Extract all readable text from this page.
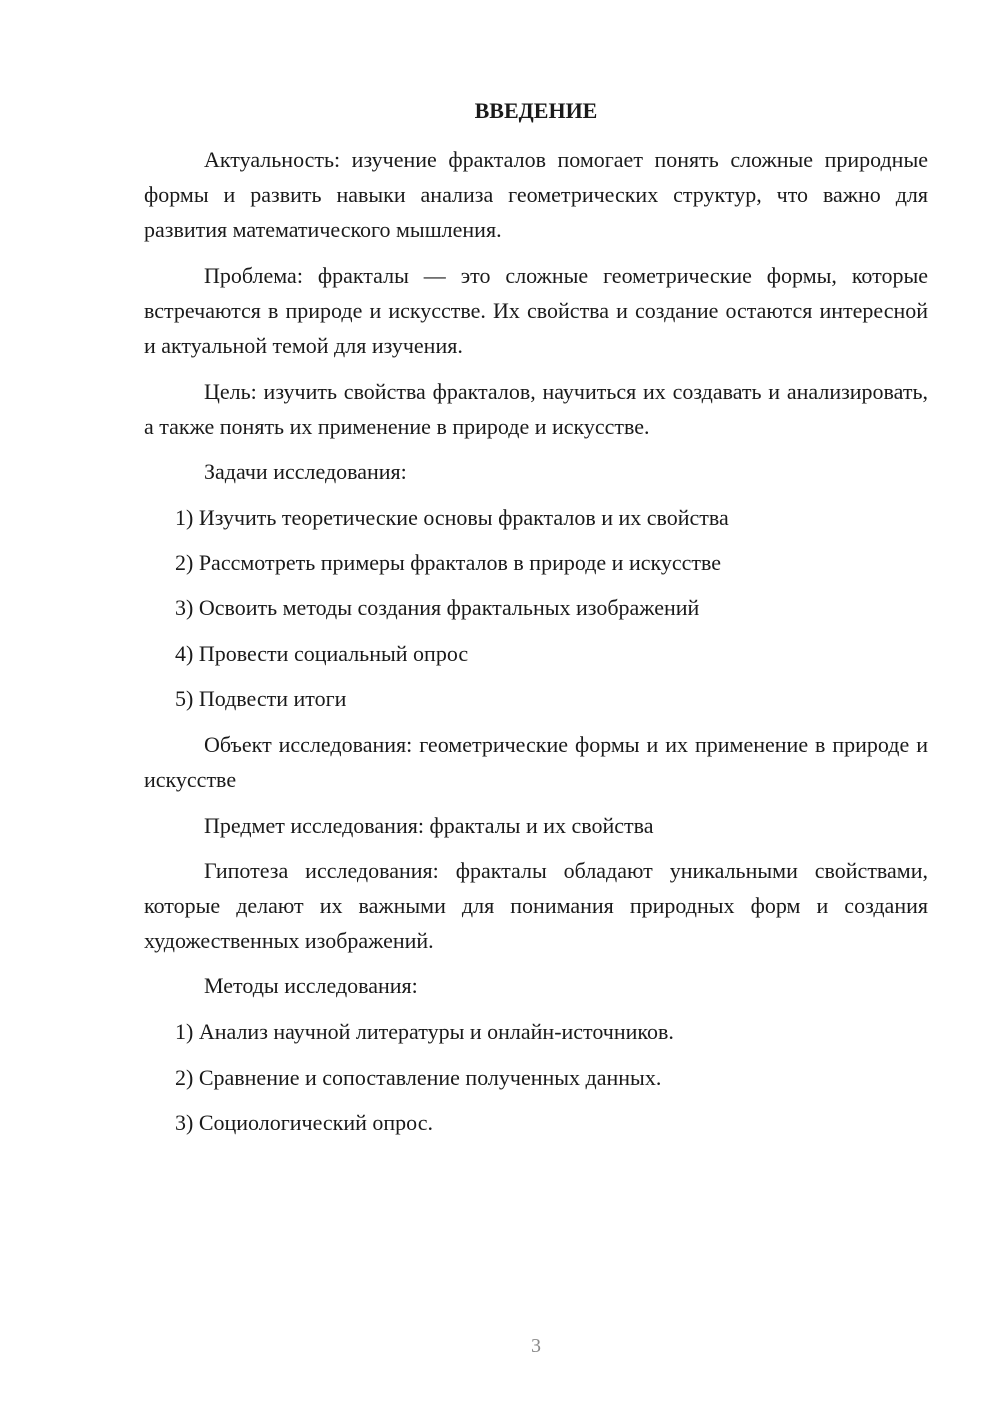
ВВЕДЕНИЕ

Актуальность: изучение фракталов помогает понять сложные природные формы и развить навыки анализа геометрических структур, что важно для развития математического мышления.

Проблема: фракталы — это сложные геометрические формы, которые встречаются в природе и искусстве. Их свойства и создание остаются интересной и актуальной темой для изучения.

Цель: изучить свойства фракталов, научиться их создавать и анализировать, а также понять их применение в природе и искусстве.

Задачи исследования:

1) Изучить теоретические основы фракталов и их свойства

2) Рассмотреть примеры фракталов в природе и искусстве

3) Освоить методы создания фрактальных изображений

4) Провести социальный опрос

5) Подвести итоги

Объект исследования: геометрические формы и их применение в природе и искусстве

Предмет исследования: фракталы и их свойства

Гипотеза исследования: фракталы обладают уникальными свойствами, которые делают их важными для понимания природных форм и создания художественных изображений.

Методы исследования:

1) Анализ научной литературы и онлайн-источников.

2) Сравнение и сопоставление полученных данных.

3) Социологический опрос.

3
